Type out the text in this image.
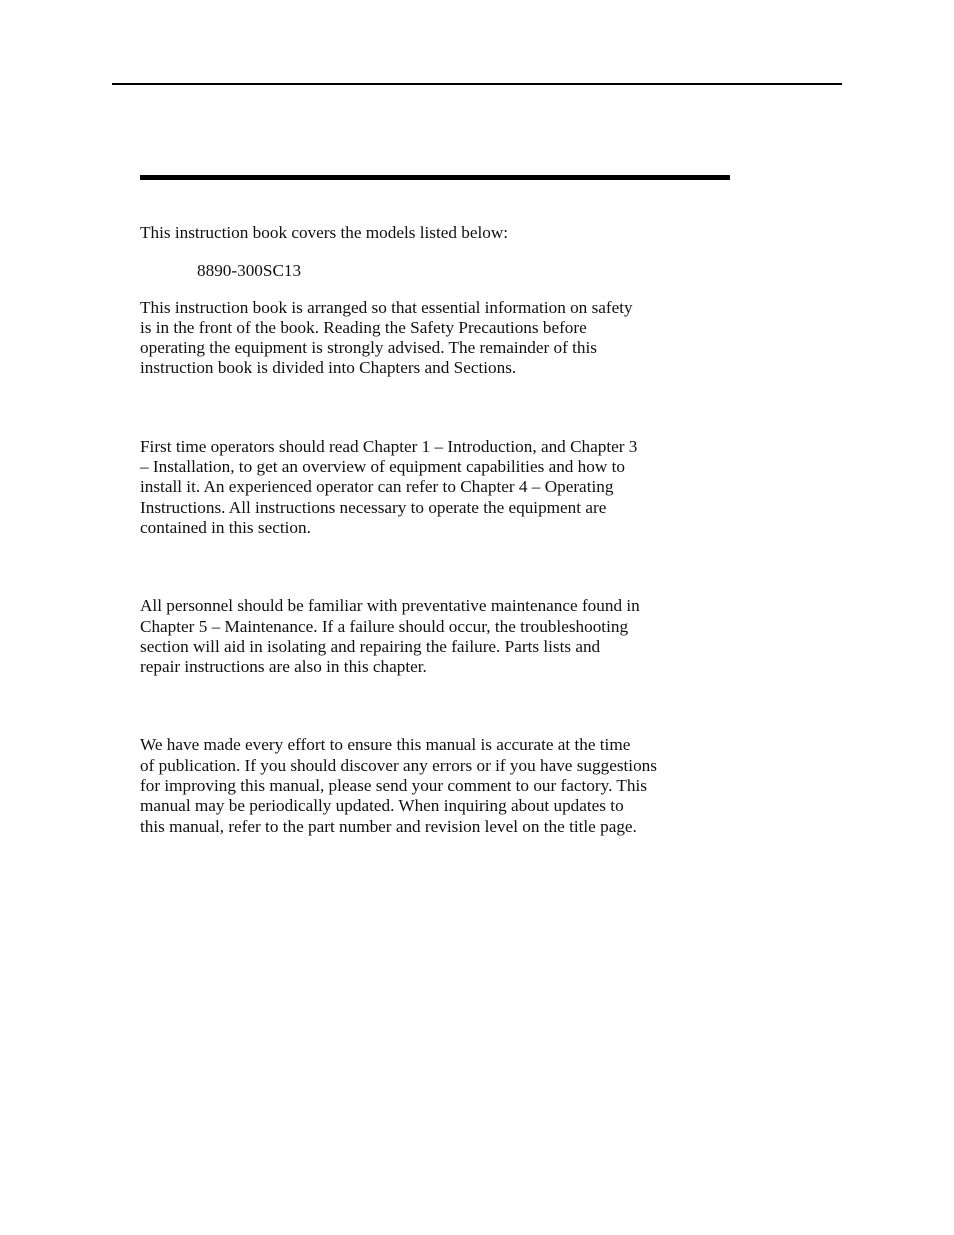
This instruction book covers the models listed below:

8890-300SC13

This instruction book is arranged so that essential information on safety
is in the front of the book. Reading the Safety Precautions before
operating the equipment is strongly advised. The remainder of this
instruction book is divided into Chapters and Sections.

First time operators should read Chapter 1 – Introduction, and Chapter 3
– Installation, to get an overview of equipment capabilities and how to
install it. An experienced operator can refer to Chapter 4 – Operating
Instructions. All instructions necessary to operate the equipment are
contained in this section.

All personnel should be familiar with preventative maintenance found in
Chapter 5 – Maintenance. If a failure should occur, the troubleshooting
section will aid in isolating and repairing the failure. Parts lists and
repair instructions are also in this chapter.

We have made every effort to ensure this manual is accurate at the time
of publication. If you should discover any errors or if you have suggestions
for improving this manual, please send your comment to our factory. This
manual may be periodically updated. When inquiring about updates to
this manual, refer to the part number and revision level on the title page.
